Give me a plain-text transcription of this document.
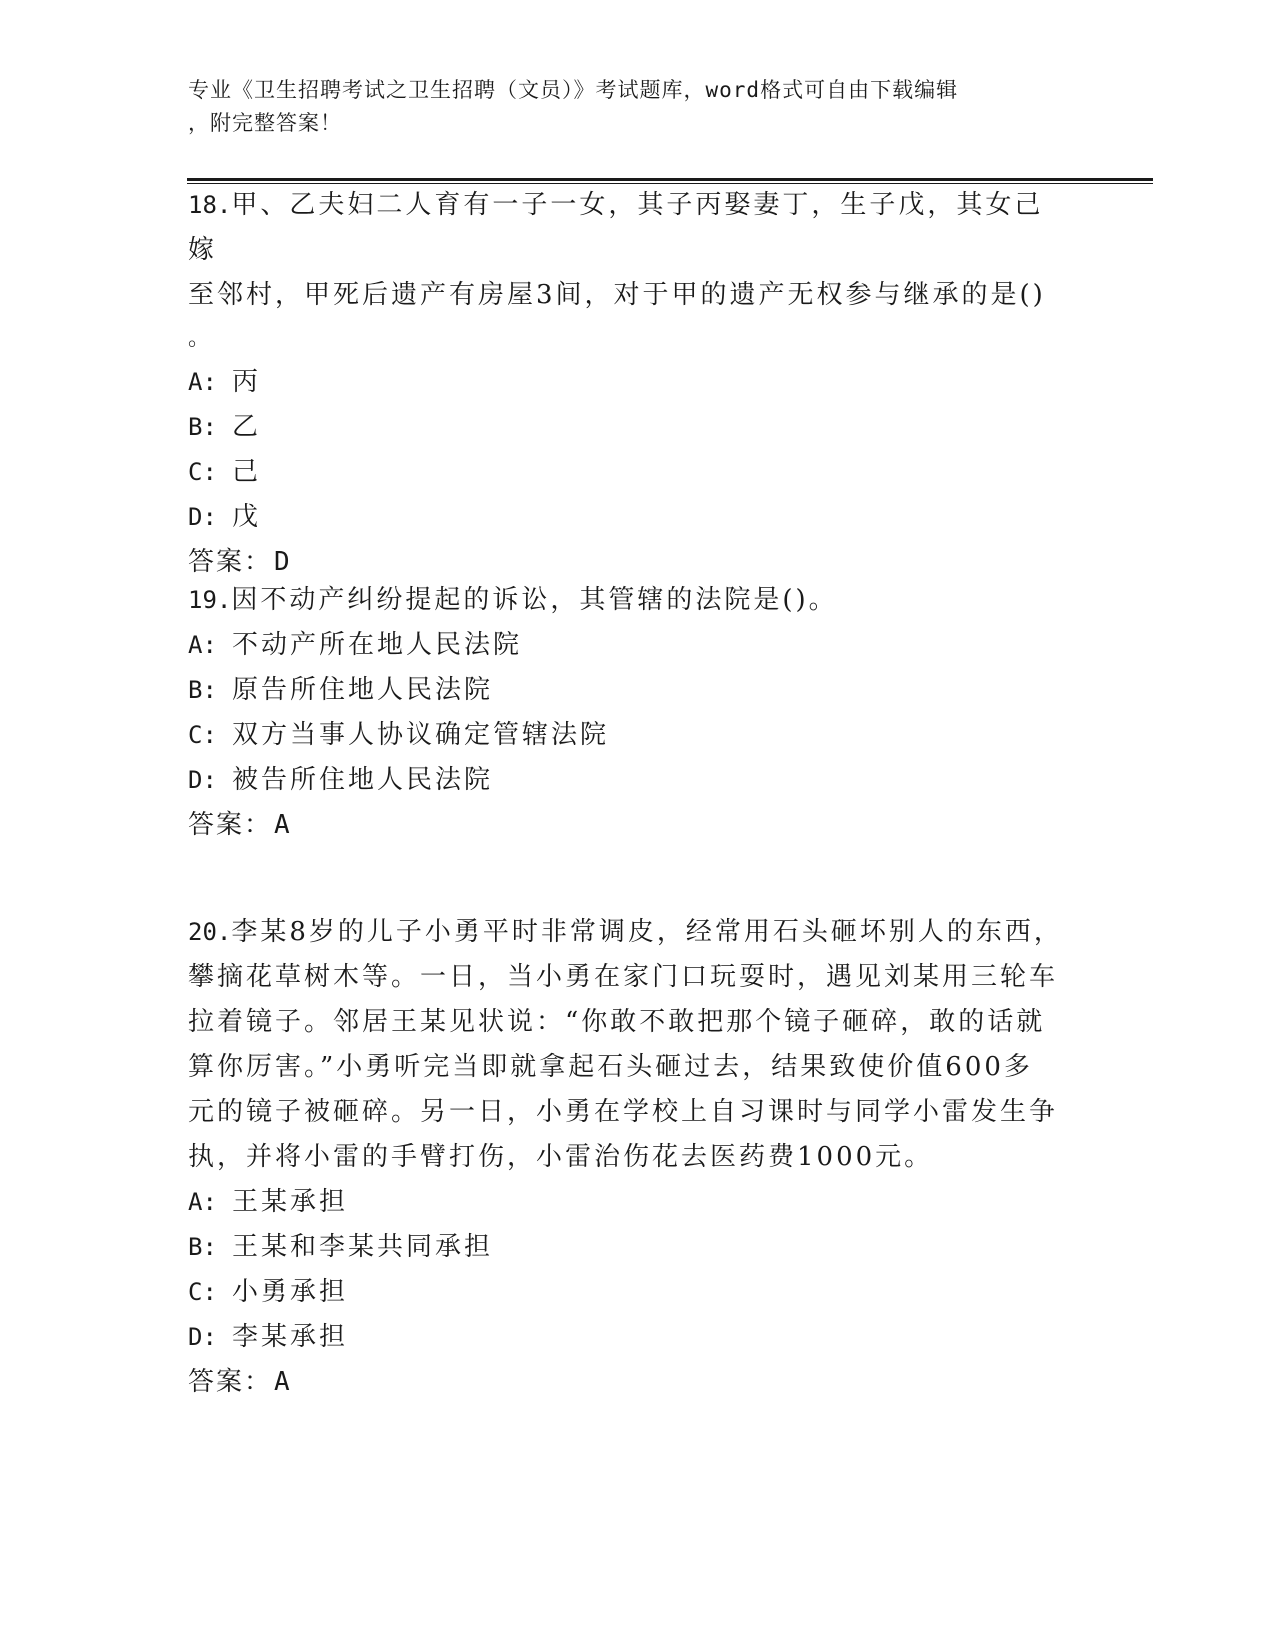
专业《卫生招聘考试之卫生招聘（文员）》考试题库，word格式可自由下载编辑

，附完整答案！

18.甲、乙夫妇二人育有一子一女，其子丙娶妻丁，生子戊，其女己嫁

至邻村，甲死后遗产有房屋3间，对于甲的遗产无权参与继承的是()

。

A: 丙
B: 乙
C: 己
D: 戊
答案： D

19.因不动产纠纷提起的诉讼，其管辖的法院是()。

A: 不动产所在地人民法院
B: 原告所住地人民法院
C: 双方当事人协议确定管辖法院
D: 被告所住地人民法院
答案： A

20.李某8岁的儿子小勇平时非常调皮，经常用石头砸坏别人的东西，

攀摘花草树木等。一日，当小勇在家门口玩耍时，遇见刘某用三轮车

拉着镜子。邻居王某见状说：“你敢不敢把那个镜子砸碎，敢的话就

算你厉害。”小勇听完当即就拿起石头砸过去，结果致使价值600多

元的镜子被砸碎。另一日，小勇在学校上自习课时与同学小雷发生争

执，并将小雷的手臂打伤，小雷治伤花去医药费1000元。

A: 王某承担
B: 王某和李某共同承担
C: 小勇承担
D: 李某承担
答案： A
